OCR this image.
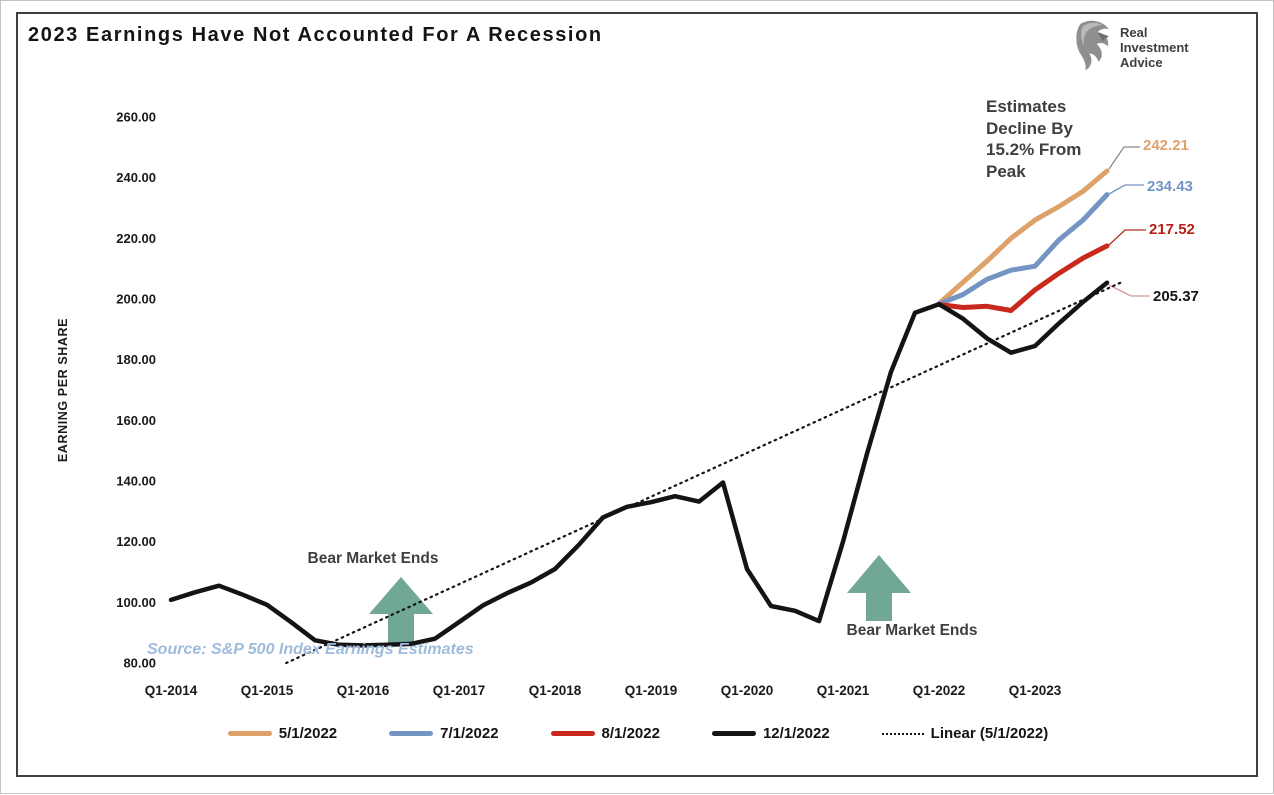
2023 Earnings Have Not Accounted For A Recession	Real
Investment
Advice
80.00
100.00
120.00
140.00
160.00
180.00
200.00
220.00
240.00
260.00
Q1-2014	Q1-2015	Q1-2016	Q1-2017	Q1-2018	Q1-2019	Q1-2020	Q1-2021	Q1-2022	Q1-2023
EARNING PER SHARE
Estimates
Decline By
15.2% From
Peak
Bear Market Ends
Bear Market Ends
Source: S&P 500 Index Earnings Estimates
242.21
234.43
217.52
205.37
5/1/2022	7/1/2022	8/1/2022	12/1/2022	Linear (5/1/2022)
